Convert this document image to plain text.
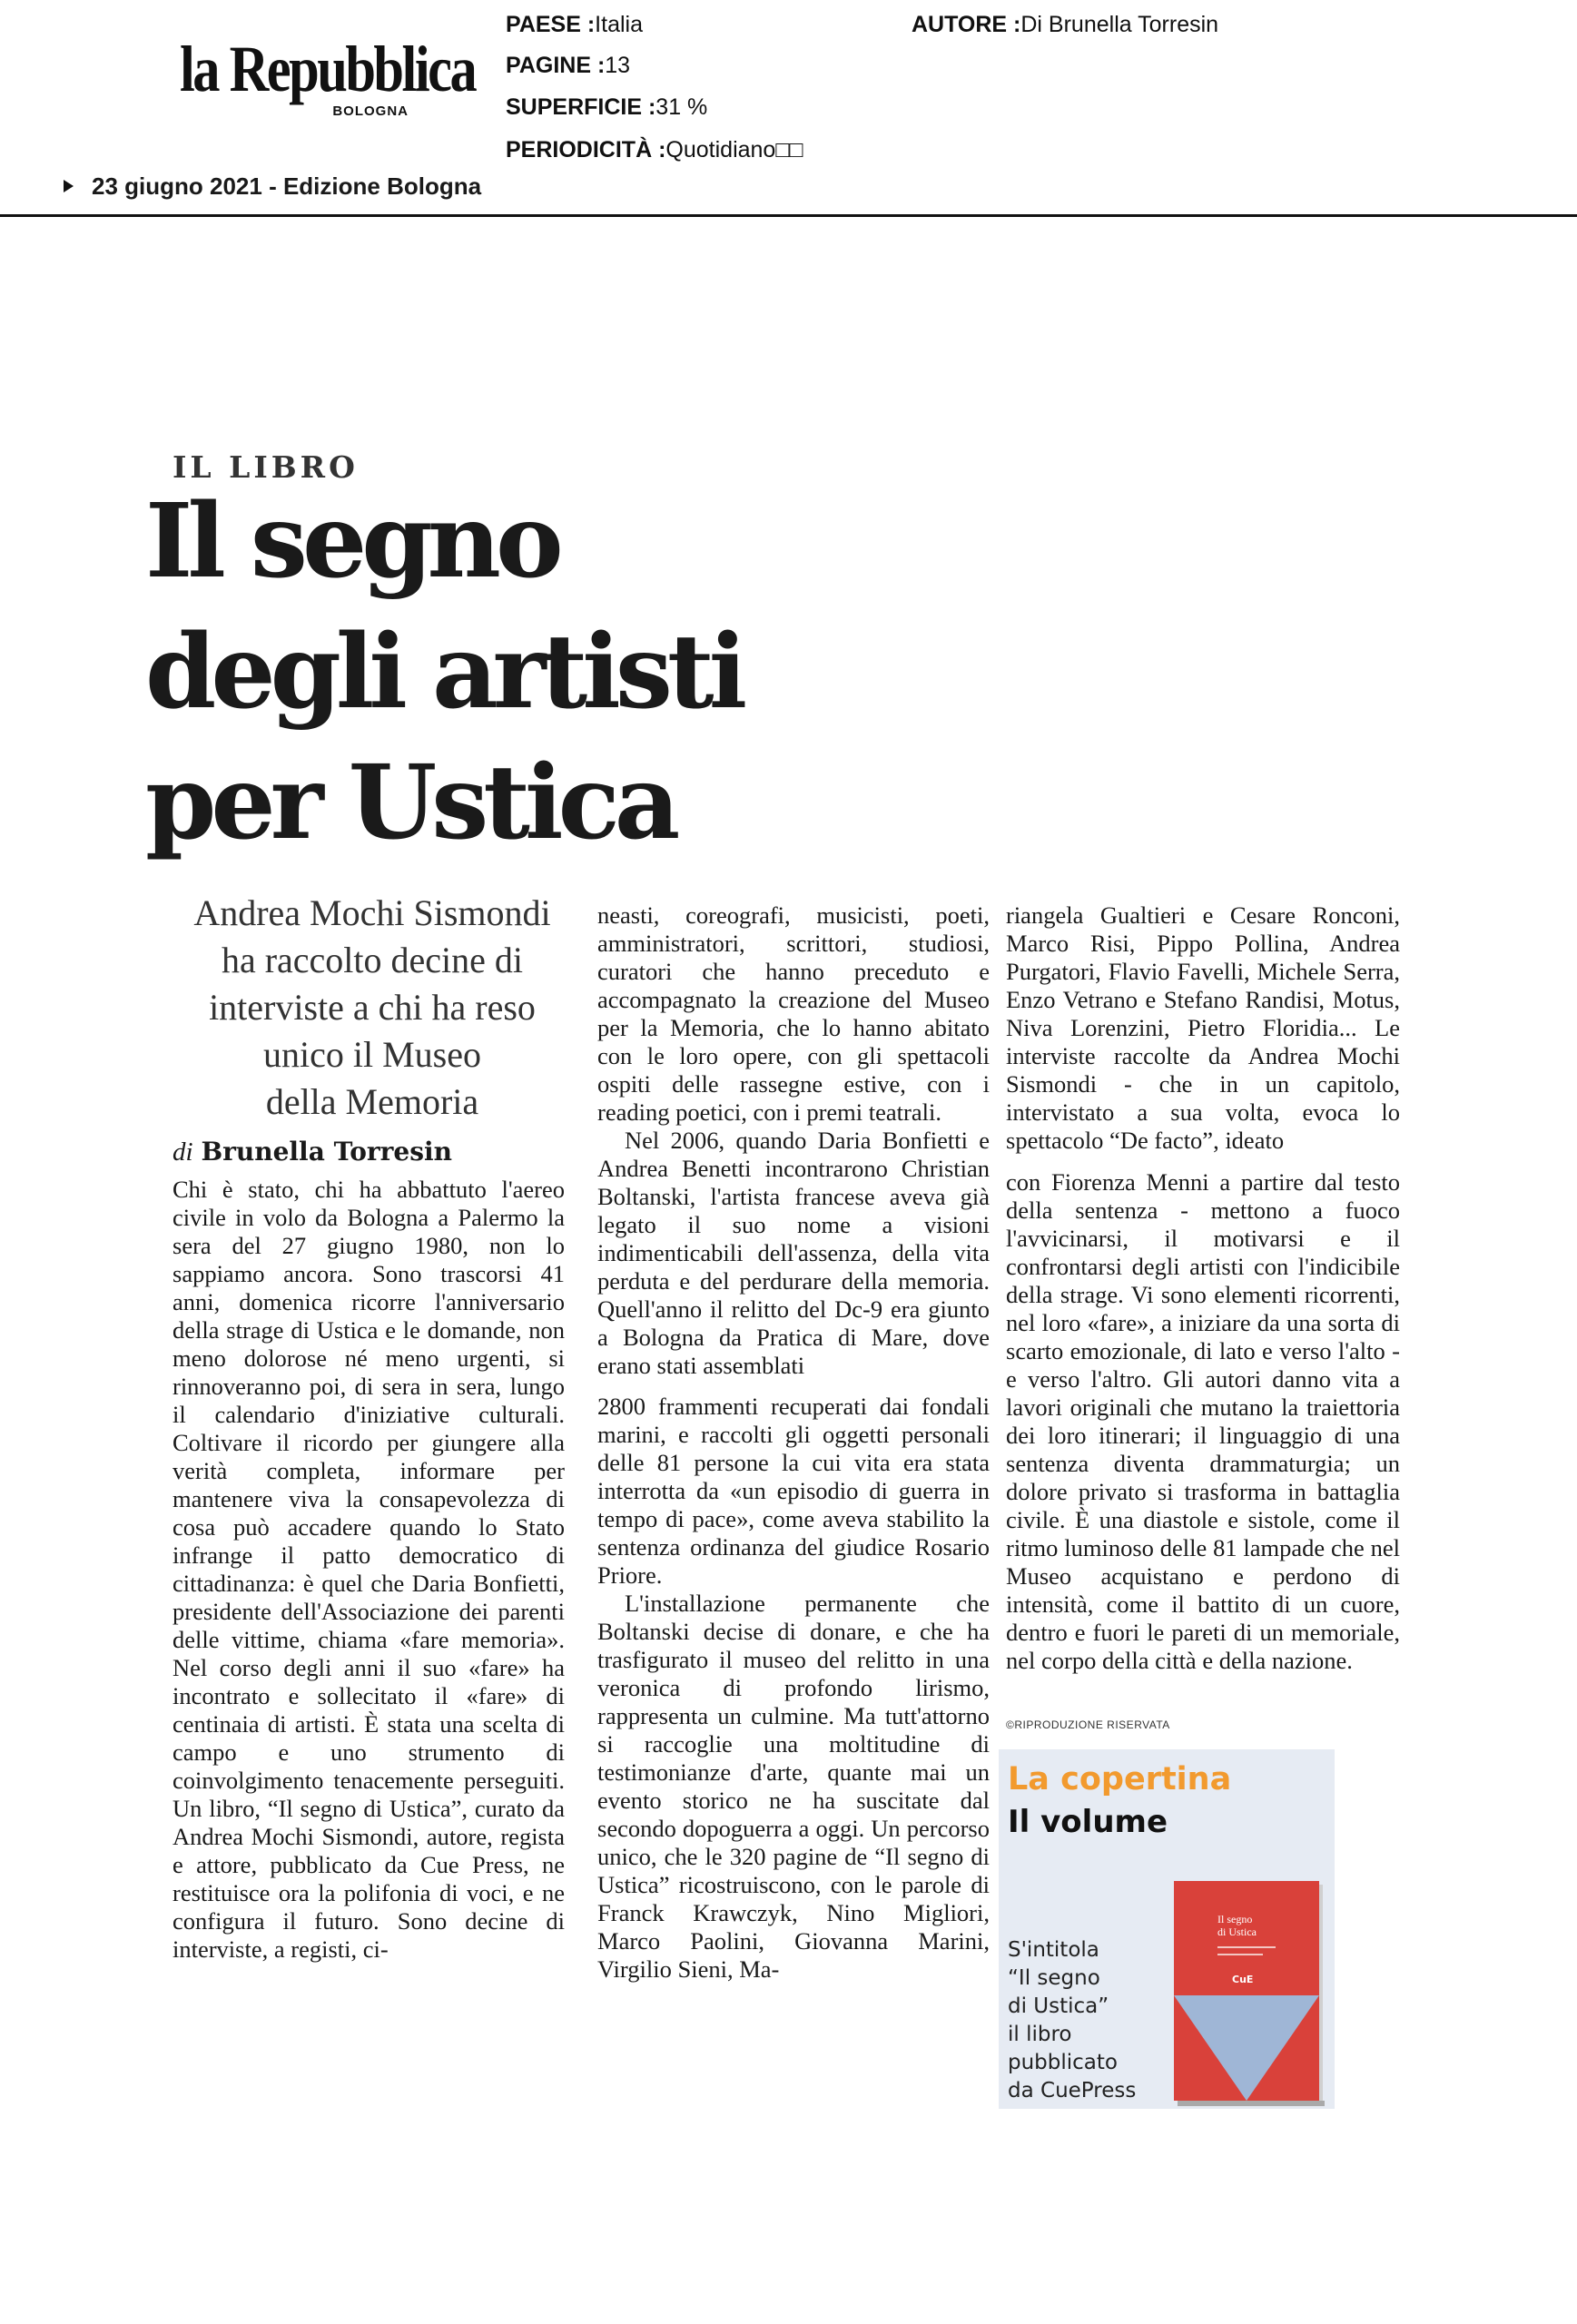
la Repubblica
BOLOGNA
PAESE :Italia
PAGINE :13
SUPERFICIE :31 %
PERIODICITÀ :Quotidiano□□
AUTORE :Di Brunella Torresin
23 giugno 2021 - Edizione Bologna
IL LIBRO
Il segno
degli artisti
per Ustica
Andrea Mochi Sismondi
ha raccolto decine di
interviste a chi ha reso
unico il Museo
della Memoria
di Brunella Torresin

Chi è stato, chi ha abbattuto l'aereo civile in volo da Bologna a Palermo la sera del 27 giugno 1980, non lo sappiamo ancora. Sono trascorsi 41 anni, domenica ricorre l'anniversario della strage di Ustica e le domande, non meno dolorose né meno urgenti, si rinnoveranno poi, di sera in sera, lungo il calendario d'iniziative culturali. Coltivare il ricordo per giungere alla verità completa, informare per mantenere viva la consapevolezza di cosa può accadere quando lo Stato infrange il patto democratico di cittadinanza: è quel che Daria Bonfietti, presidente dell'Associazione dei parenti delle vittime, chiama «fare memoria». Nel corso degli anni il suo «fare» ha incontrato e sollecitato il «fare» di centinaia di artisti. È stata una scelta di campo e uno strumento di coinvolgimento tenacemente perseguiti. Un libro, “Il segno di Ustica”, curato da Andrea Mochi Sismondi, autore, regista e attore, pubblicato da Cue Press, ne restituisce ora la polifonia di voci, e ne configura il futuro. Sono decine di interviste, a registi, ci-

neasti, coreografi, musicisti, poeti, amministratori, scrittori, studiosi, curatori che hanno preceduto e accompagnato la creazione del Museo per la Memoria, che lo hanno abitato con le loro opere, con gli spettacoli ospiti delle rassegne estive, con i reading poetici, con i premi teatrali.

Nel 2006, quando Daria Bonfietti e Andrea Benetti incontrarono Christian Boltanski, l'artista francese aveva già legato il suo nome a visioni indimenticabili dell'assenza, della vita perduta e del perdurare della memoria. Quell'anno il relitto del Dc-9 era giunto a Bologna da Pratica di Mare, dove erano stati assemblati

2800 frammenti recuperati dai fondali marini, e raccolti gli oggetti personali delle 81 persone la cui vita era stata interrotta da «un episodio di guerra in tempo di pace», come aveva stabilito la sentenza ordinanza del giudice Rosario Priore.

L'installazione permanente che Boltanski decise di donare, e che ha trasfigurato il museo del relitto in una veronica di profondo lirismo, rappresenta un culmine. Ma tutt'attorno si raccoglie una moltitudine di testimonianze d'arte, quante mai un evento storico ne ha suscitate dal secondo dopoguerra a oggi. Un percorso unico, che le 320 pagine de “Il segno di Ustica” ricostruiscono, con le parole di Franck Krawczyk, Nino Migliori, Marco Paolini, Giovanna Marini, Virgilio Sieni, Ma-

riangela Gualtieri e Cesare Ronconi, Marco Risi, Pippo Pollina, Andrea Purgatori, Flavio Favelli, Michele Serra, Enzo Vetrano e Stefano Randisi, Motus, Niva Lorenzini, Pietro Floridia... Le interviste raccolte da Andrea Mochi Sismondi - che in un capitolo, intervistato a sua volta, evoca lo spettacolo “De facto”, ideato

con Fiorenza Menni a partire dal testo della sentenza - mettono a fuoco l'avvicinarsi, il motivarsi e il confrontarsi degli artisti con l'indicibile della strage. Vi sono elementi ricorrenti, nel loro «fare», a iniziare da una sorta di scarto emozionale, di lato e verso l'alto - e verso l'altro. Gli autori danno vita a lavori originali che mutano la traiettoria dei loro itinerari; il linguaggio di una sentenza diventa drammaturgia; un dolore privato si trasforma in battaglia civile. È una diastole e sistole, come il ritmo luminoso delle 81 lampade che nel Museo acquistano e perdono di intensità, come il battito di un cuore, dentro e fuori le pareti di un memoriale, nel corpo della città e della nazione.

©RIPRODUZIONE RISERVATA
La copertina
Il volume
S'intitola
“Il segno
di Ustica”
il libro
pubblicato
da CuePress
Il segno
di Ustica
CuE
